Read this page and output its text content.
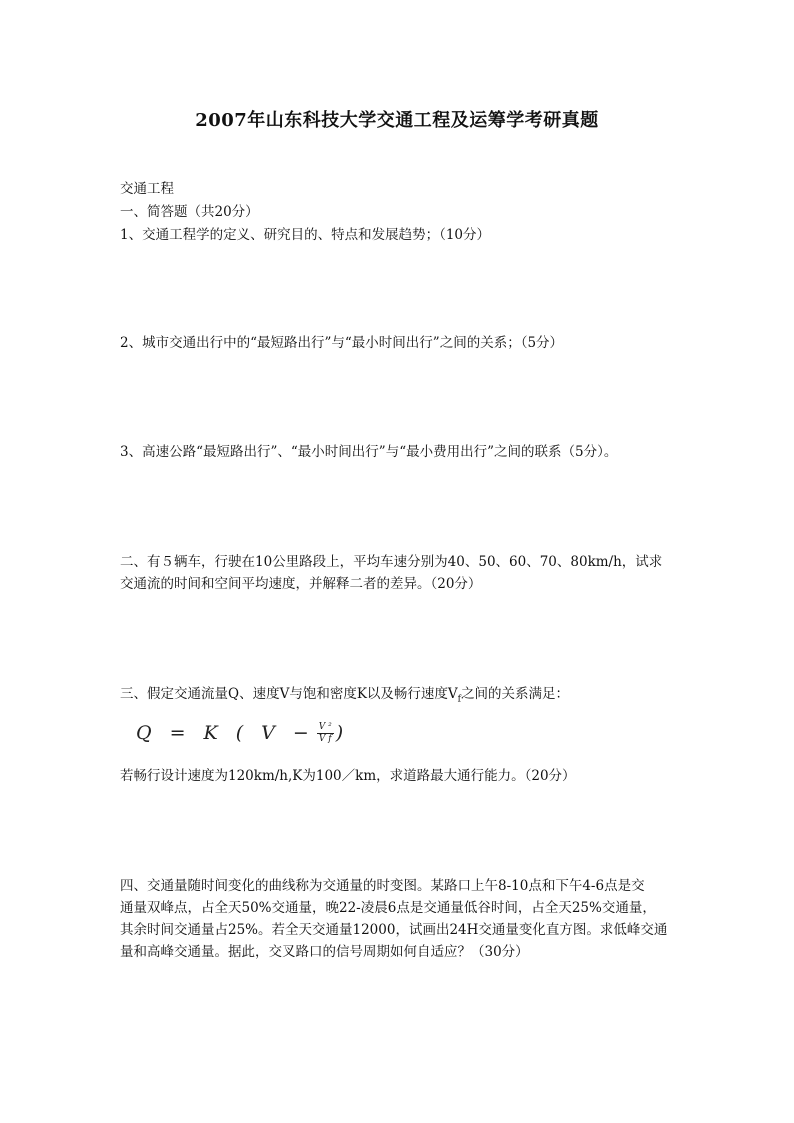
2007年山东科技大学交通工程及运筹学考研真题
交通工程
一、简答题（共20分）
1、交通工程学的定义、研究目的、特点和发展趋势；（10分）
2、城市交通出行中的“最短路出行”与“最小时间出行”之间的关系；（5分）
3、高速公路“最短路出行”、“最小时间出行”与“最小费用出行”之间的联系（5分）。
二、有５辆车，行驶在10公里路段上，平均车速分别为40、50、60、70、80km/h，试求
交通流的时间和空间平均速度，并解释二者的差异。（20分）
三、假定交通流量Q、速度V与饱和密度K以及畅行速度$V_f$之间的关系满足：
Q = K ( $V - \frac{\text{V ²}}{\text{V f}}$ )
若畅行设计速度为120km/h,K为100／km，求道路最大通行能力。（20分）
四、交通量随时间变化的曲线称为交通量的时变图。某路口上午8-10点和下午4-6点是交
通量双峰点，占全天50%交通量，晚22-凌晨6点是交通量低谷时间，占全天25%交通量，
其余时间交通量占25%。若全天交通量12000，试画出24H交通量变化直方图。求低峰交通
量和高峰交通量。据此，交叉路口的信号周期如何自适应？（30分）
